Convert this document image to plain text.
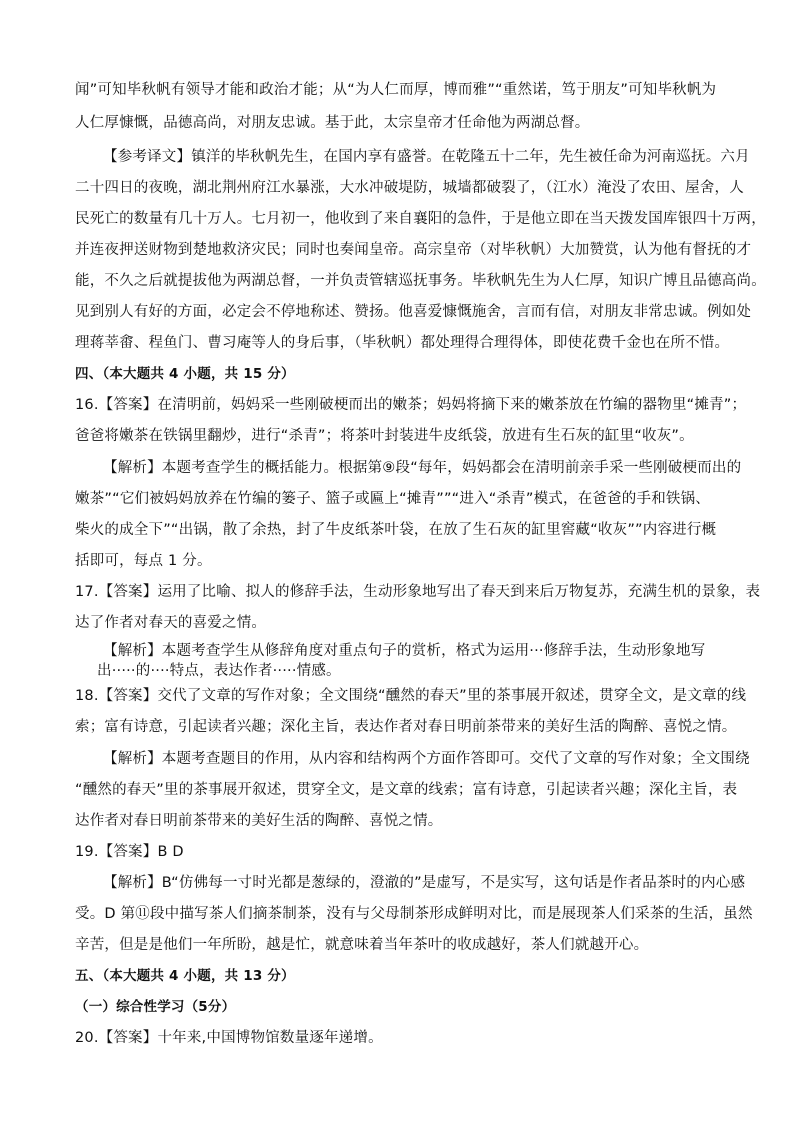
闻”可知毕秋帆有领导才能和政治才能；从“为人仁而厚，博而雅”“重然诺，笃于朋友”可知毕秋帆为
人仁厚慷慨，品德高尚，对朋友忠诚。基于此，太宗皇帝才任命他为两湖总督。
【参考译文】镇洋的毕秋帆先生，在国内享有盛誉。在乾隆五十二年，先生被任命为河南巡抚。六月
二十四日的夜晚，湖北荆州府江水暴涨，大水冲破堤防，城墙都破裂了，（江水）淹没了农田、屋舍，人
民死亡的数量有几十万人。七月初一，他收到了来自襄阳的急件，于是他立即在当天拨发国库银四十万两，
并连夜押送财物到楚地救济灾民；同时也奏闻皇帝。高宗皇帝（对毕秋帆）大加赞赏，认为他有督抚的才
能，不久之后就提拔他为两湖总督，一并负责管辖巡抚事务。毕秋帆先生为人仁厚，知识广博且品德高尚。
见到别人有好的方面，必定会不停地称述、赞扬。他喜爱慷慨施舍，言而有信，对朋友非常忠诚。例如处
理蒋莘畬、程鱼门、曹习庵等人的身后事，（毕秋帆）都处理得合理得体，即使花费千金也在所不惜。
四、（本大题共 4 小题，共 15 分）
16.【答案】在清明前，妈妈采一些刚破梗而出的嫩茶；妈妈将摘下来的嫩茶放在竹编的器物里“摊青”；
爸爸将嫩茶在铁锅里翻炒，进行“杀青”；将茶叶封装进牛皮纸袋，放进有生石灰的缸里“收灰”。
【解析】本题考查学生的概括能力。根据第⑨段“每年，妈妈都会在清明前亲手采一些刚破梗而出的
嫩茶”“它们被妈妈放养在竹编的篓子、篮子或匾上“摊青””“进入“杀青”模式，在爸爸的手和铁锅、
柴火的成全下”“出锅，散了余热，封了牛皮纸茶叶袋，在放了生石灰的缸里窖藏“收灰””内容进行概
括即可，每点 1 分。
17.【答案】运用了比喻、拟人的修辞手法，生动形象地写出了春天到来后万物复苏，充满生机的景象，表
达了作者对春天的喜爱之情。
【解析】本题考查学生从修辞角度对重点句子的赏析，格式为运用···修辞手法，生动形象地写
出·····的····特点，表达作者·····情感。
18.【答案】交代了文章的写作对象；全文围绕“醺然的春天”里的茶事展开叙述，贯穿全文，是文章的线
索；富有诗意，引起读者兴趣；深化主旨，表达作者对春日明前茶带来的美好生活的陶醉、喜悦之情。
【解析】本题考查题目的作用，从内容和结构两个方面作答即可。交代了文章的写作对象；全文围绕
“醺然的春天”里的茶事展开叙述，贯穿全文，是文章的线索；富有诗意，引起读者兴趣；深化主旨，表
达作者对春日明前茶带来的美好生活的陶醉、喜悦之情。
19.【答案】B D
【解析】B“仿佛每一寸时光都是葱绿的，澄澈的”是虚写，不是实写，这句话是作者品茶时的内心感
受。D 第⑪段中描写茶人们摘茶制茶，没有与父母制茶形成鲜明对比，而是展现茶人们采茶的生活，虽然
辛苦，但是是他们一年所盼，越是忙，就意味着当年茶叶的收成越好，茶人们就越开心。
五、（本大题共 4 小题，共 13 分）
（一）综合性学习（5分）
20.【答案】十年来,中国博物馆数量逐年递增。
